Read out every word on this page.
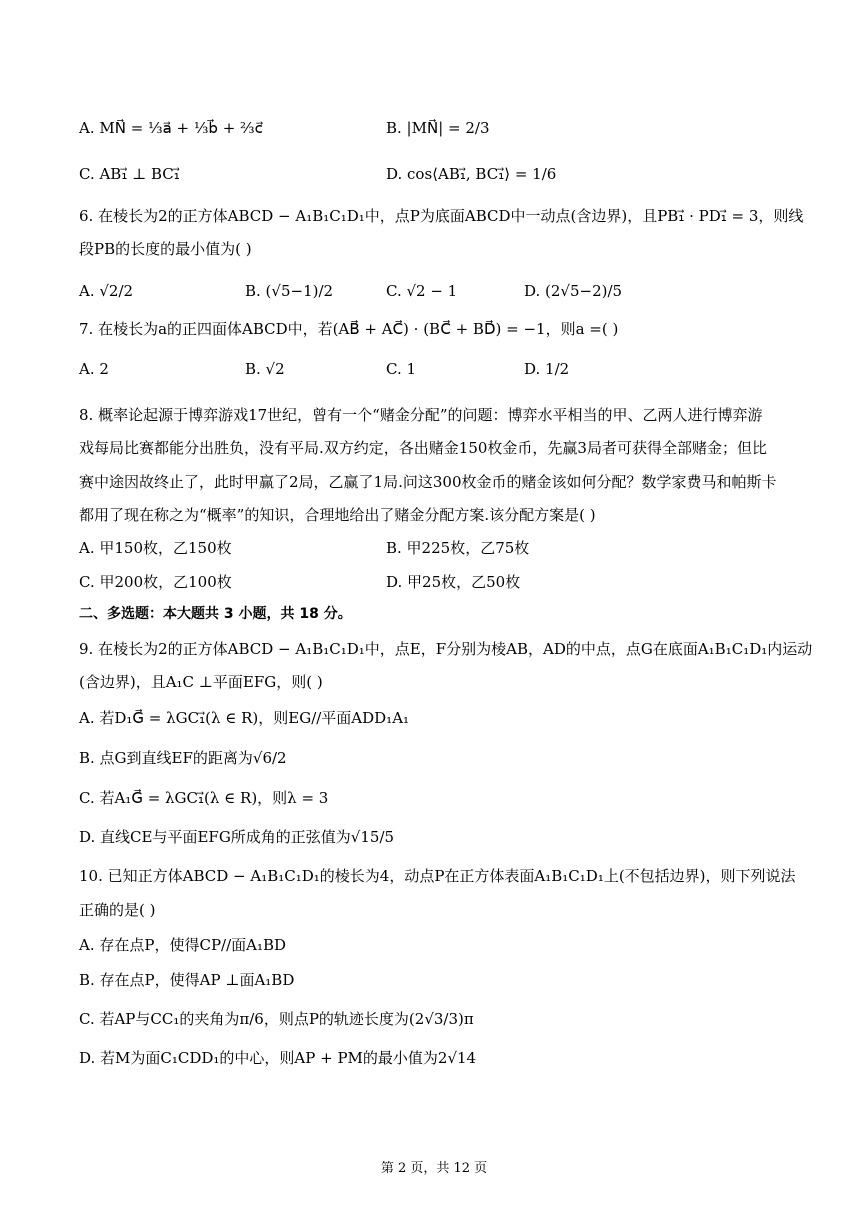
A. MN⃗ = ⅓a⃗ + ⅓b⃗ + ⅔c⃗	B. |MN⃗| = 2/3
C. AB₁⃗ ⊥ BC₁⃗	D. cos⟨AB₁⃗, BC₁⃗⟩ = 1/6
6. 在棱长为2的正方体ABCD − A₁B₁C₁D₁中，点P为底面ABCD中一动点(含边界)，且PB₁⃗ · PD₁⃗ = 3，则线
段PB的长度的最小值为( )
A. √2/2	B. (√5−1)/2	C. √2 − 1	D. (2√5−2)/5
7. 在棱长为a的正四面体ABCD中，若(AB⃗ + AC⃗) · (BC⃗ + BD⃗) = −1，则a =( )
A. 2	B. √2	C. 1	D. 1/2
8. 概率论起源于博弈游戏17世纪，曾有一个“赌金分配”的问题：博弈水平相当的甲、乙两人进行博弈游
戏每局比赛都能分出胜负，没有平局.双方约定，各出赌金150枚金币，先赢3局者可获得全部赌金；但比
赛中途因故终止了，此时甲赢了2局，乙赢了1局.问这300枚金币的赌金该如何分配？数学家费马和帕斯卡
都用了现在称之为“概率”的知识，合理地给出了赌金分配方案.该分配方案是( )
A. 甲150枚，乙150枚	B. 甲225枚，乙75枚
C. 甲200枚，乙100枚	D. 甲25枚，乙50枚
二、多选题：本大题共 3 小题，共 18 分。
9. 在棱长为2的正方体ABCD − A₁B₁C₁D₁中，点E，F分别为棱AB，AD的中点，点G在底面A₁B₁C₁D₁内运动
(含边界)，且A₁C ⊥平面EFG，则( )
A. 若D₁G⃗ = λGC₁⃗(λ ∈ R)，则EG//平面ADD₁A₁
B. 点G到直线EF的距离为√6/2
C. 若A₁G⃗ = λGC₁⃗(λ ∈ R)，则λ = 3
D. 直线CE与平面EFG所成角的正弦值为√15/5
10. 已知正方体ABCD − A₁B₁C₁D₁的棱长为4，动点P在正方体表面A₁B₁C₁D₁上(不包括边界)，则下列说法
正确的是( )
A. 存在点P，使得CP//面A₁BD
B. 存在点P，使得AP ⊥面A₁BD
C. 若AP与CC₁的夹角为π/6，则点P的轨迹长度为(2√3/3)π
D. 若M为面C₁CDD₁的中心，则AP + PM的最小值为2√14
第 2 页，共 12 页
